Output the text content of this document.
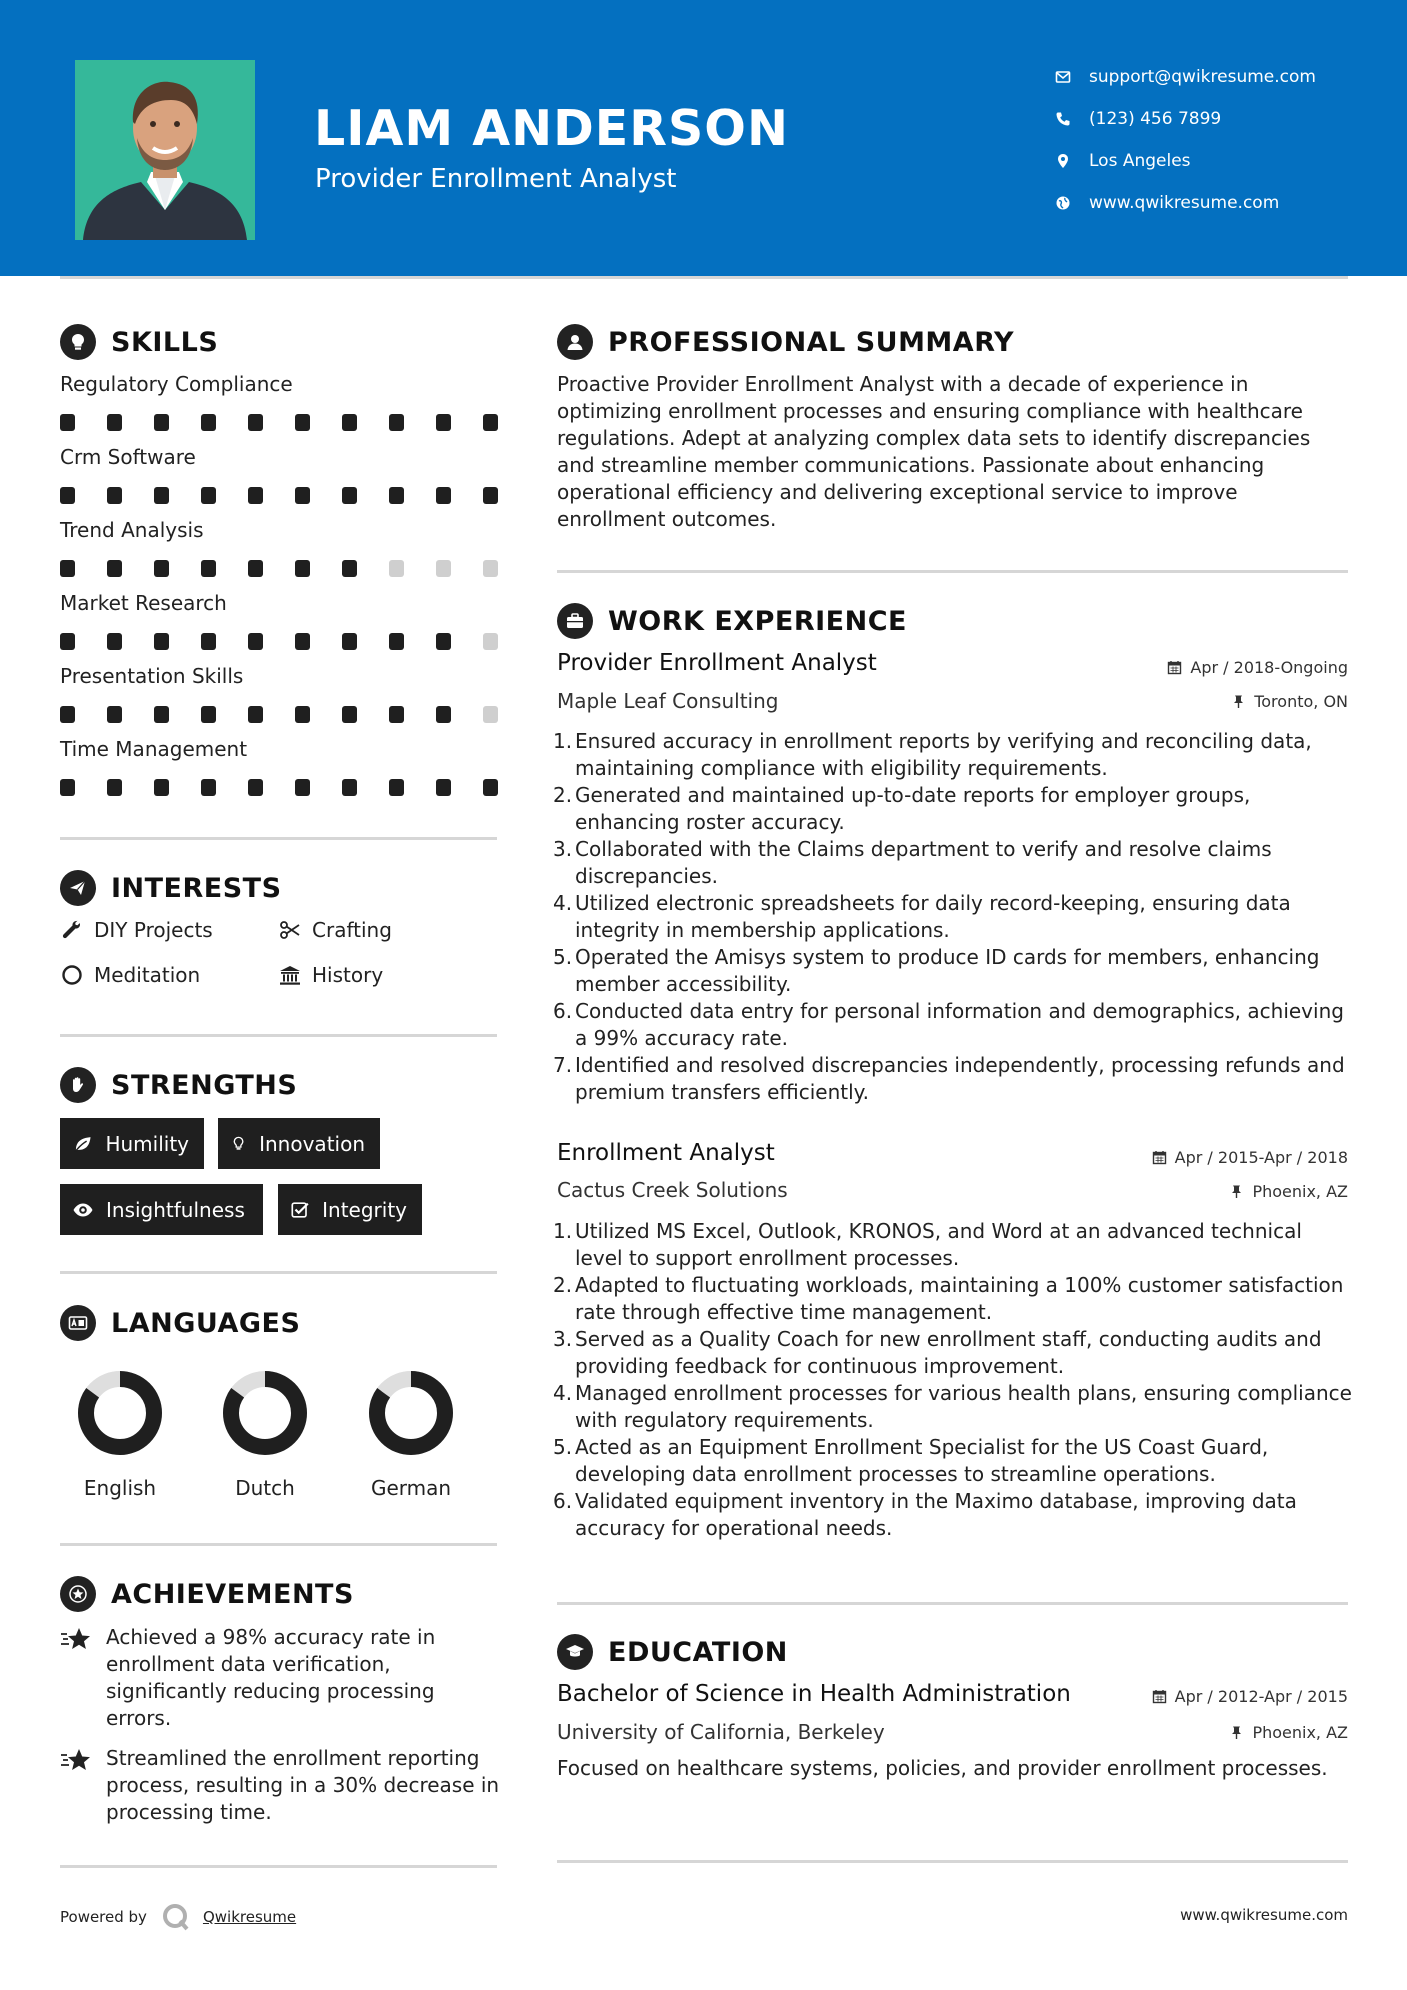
LIAM ANDERSON
Provider Enrollment Analyst
support@qwikresume.com
(123) 456 7899
Los Angeles
www.qwikresume.com
SKILLS
Regulatory Compliance
Crm Software
Trend Analysis
Market Research
Presentation Skills
Time Management
INTERESTS
DIY Projects	Crafting
Meditation	History
STRENGTHS
Humility	Innovation
Insightfulness	Integrity
LANGUAGES
English	Dutch	German
ACHIEVEMENTS
Achieved a 98% accuracy rate in enrollment data verification, significantly reducing processing errors.
Streamlined the enrollment reporting process, resulting in a 30% decrease in processing time.
PROFESSIONAL SUMMARY
Proactive Provider Enrollment Analyst with a decade of experience in optimizing enrollment processes and ensuring compliance with healthcare regulations. Adept at analyzing complex data sets to identify discrepancies and streamline member communications. Passionate about enhancing operational efficiency and delivering exceptional service to improve enrollment outcomes.
WORK EXPERIENCE
Provider Enrollment Analyst	Apr / 2018-Ongoing
Maple Leaf Consulting	Toronto, ON
1. Ensured accuracy in enrollment reports by verifying and reconciling data, maintaining compliance with eligibility requirements.
2. Generated and maintained up-to-date reports for employer groups, enhancing roster accuracy.
3. Collaborated with the Claims department to verify and resolve claims discrepancies.
4. Utilized electronic spreadsheets for daily record-keeping, ensuring data integrity in membership applications.
5. Operated the Amisys system to produce ID cards for members, enhancing member accessibility.
6. Conducted data entry for personal information and demographics, achieving a 99% accuracy rate.
7. Identified and resolved discrepancies independently, processing refunds and premium transfers efficiently.
Enrollment Analyst	Apr / 2015-Apr / 2018
Cactus Creek Solutions	Phoenix, AZ
1. Utilized MS Excel, Outlook, KRONOS, and Word at an advanced technical level to support enrollment processes.
2. Adapted to fluctuating workloads, maintaining a 100% customer satisfaction rate through effective time management.
3. Served as a Quality Coach for new enrollment staff, conducting audits and providing feedback for continuous improvement.
4. Managed enrollment processes for various health plans, ensuring compliance with regulatory requirements.
5. Acted as an Equipment Enrollment Specialist for the US Coast Guard, developing data enrollment processes to streamline operations.
6. Validated equipment inventory in the Maximo database, improving data accuracy for operational needs.
EDUCATION
Bachelor of Science in Health Administration	Apr / 2012-Apr / 2015
University of California, Berkeley	Phoenix, AZ
Focused on healthcare systems, policies, and provider enrollment processes.
Powered by	Qwikresume	www.qwikresume.com
